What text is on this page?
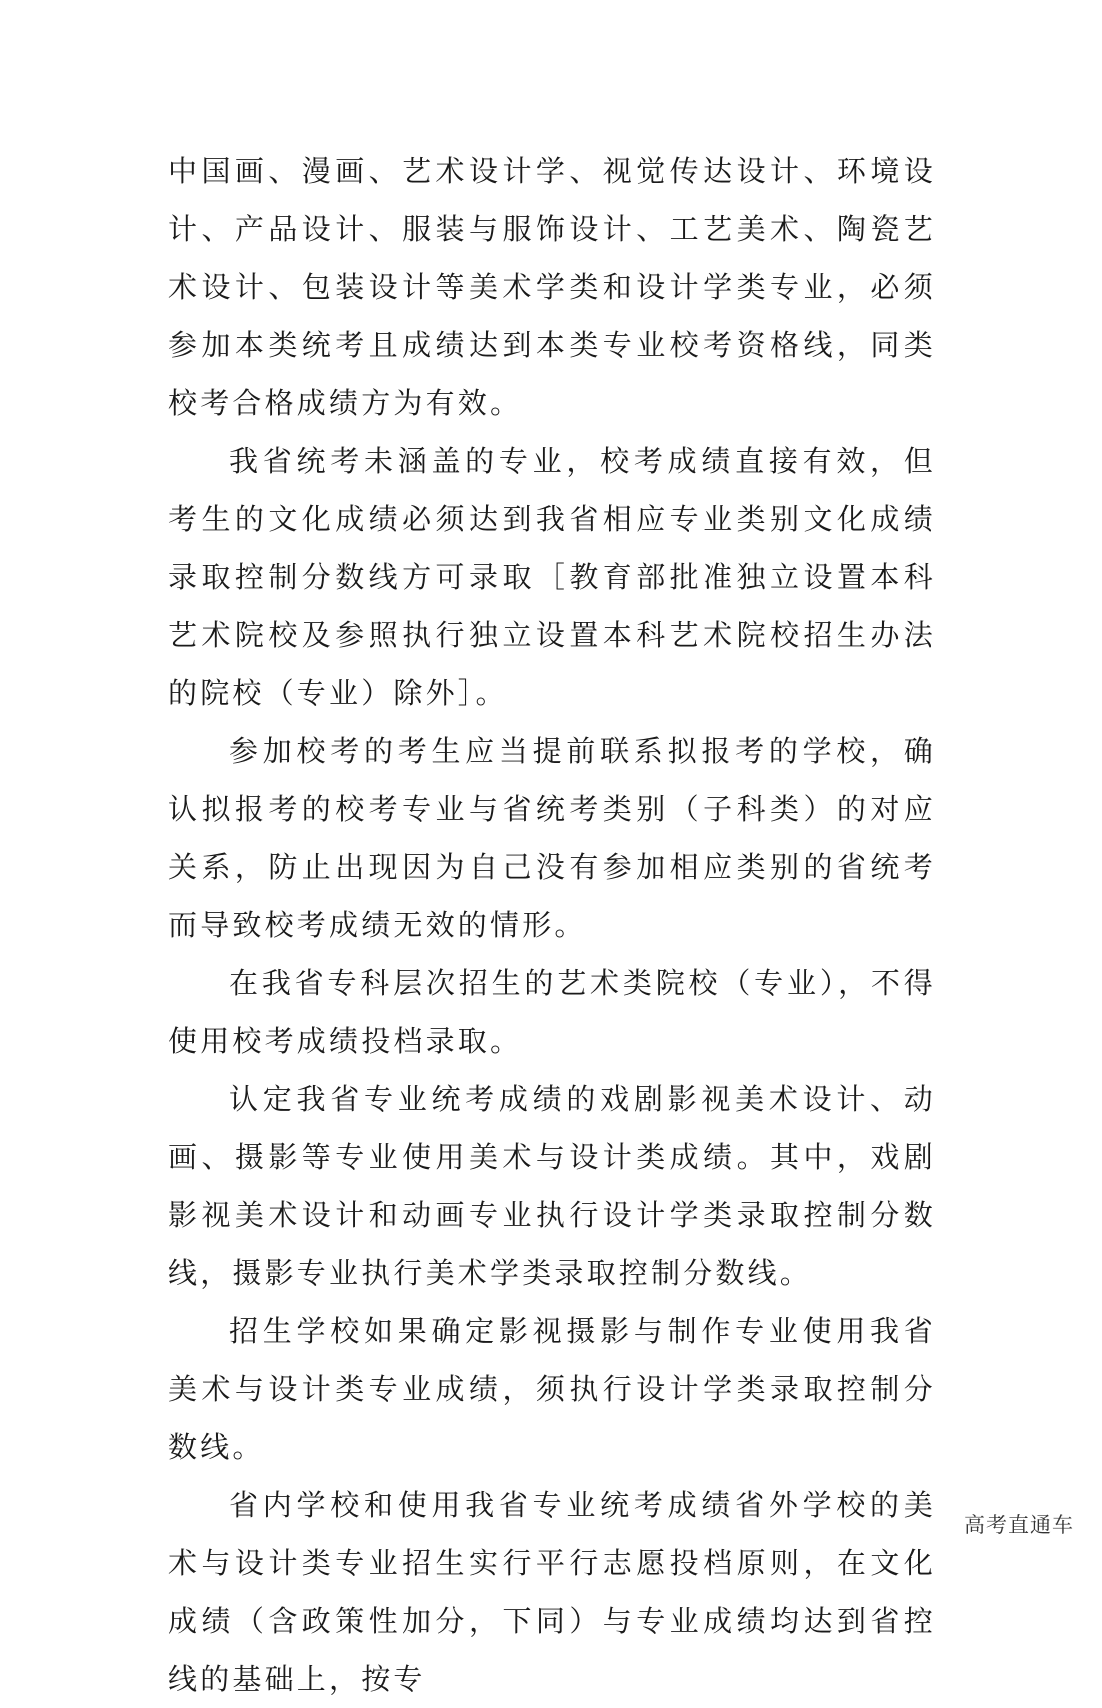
中国画、漫画、艺术设计学、视觉传达设计、环境设计、产品设计、服装与服饰设计、工艺美术、陶瓷艺术设计、包装设计等美术学类和设计学类专业，必须参加本类统考且成绩达到本类专业校考资格线，同类校考合格成绩方为有效。

我省统考未涵盖的专业，校考成绩直接有效，但考生的文化成绩必须达到我省相应专业类别文化成绩录取控制分数线方可录取［教育部批准独立设置本科艺术院校及参照执行独立设置本科艺术院校招生办法的院校（专业）除外］。

参加校考的考生应当提前联系拟报考的学校，确认拟报考的校考专业与省统考类别（子科类）的对应关系，防止出现因为自己没有参加相应类别的省统考而导致校考成绩无效的情形。

在我省专科层次招生的艺术类院校（专业），不得使用校考成绩投档录取。

认定我省专业统考成绩的戏剧影视美术设计、动画、摄影等专业使用美术与设计类成绩。其中，戏剧影视美术设计和动画专业执行设计学类录取控制分数线，摄影专业执行美术学类录取控制分数线。

招生学校如果确定影视摄影与制作专业使用我省美术与设计类专业成绩，须执行设计学类录取控制分数线。

省内学校和使用我省专业统考成绩省外学校的美术与设计类专业招生实行平行志愿投档原则，在文化成绩（含政策性加分，下同）与专业成绩均达到省控线的基础上，按专

高考直通车
